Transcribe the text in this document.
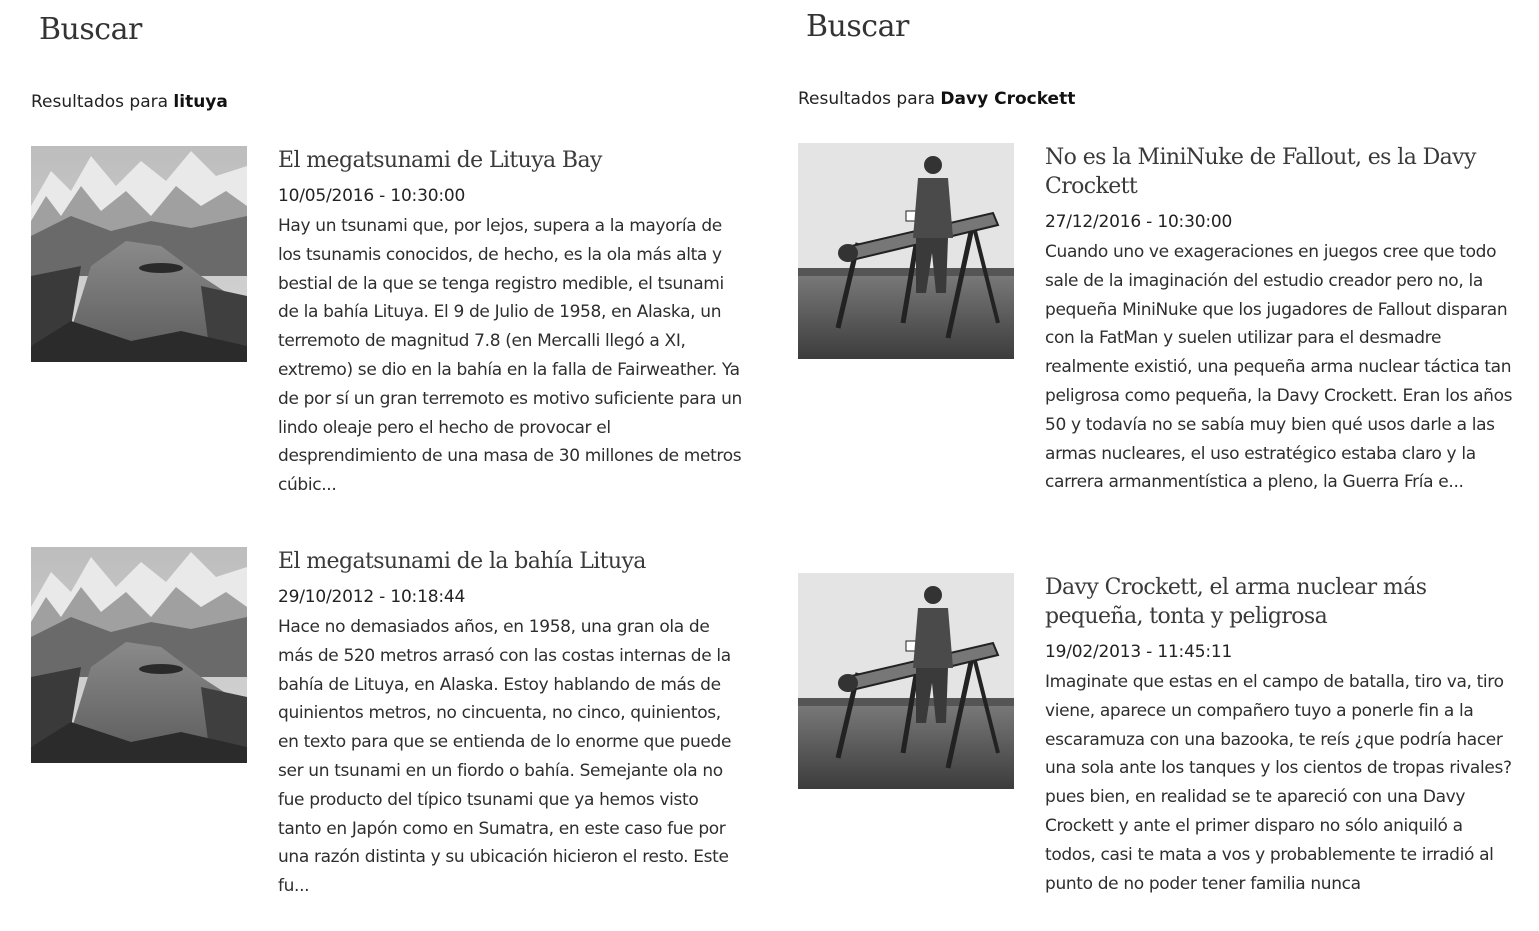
Buscar
Resultados para lituya
El megatsunami de Lituya Bay
10/05/2016 - 10:30:00
Hay un tsunami que, por lejos, supera a la mayoría de los tsunamis conocidos, de hecho, es la ola más alta y bestial de la que se tenga registro medible, el tsunami de la bahía Lituya. El 9 de Julio de 1958, en Alaska, un terremoto de magnitud 7.8 (en Mercalli llegó a XI, extremo) se dio en la bahía en la falla de Fairweather. Ya de por sí un gran terremoto es motivo suficiente para un lindo oleaje pero el hecho de provocar el desprendimiento de una masa de 30 millones de metros cúbic...
El megatsunami de la bahía Lituya
29/10/2012 - 10:18:44
Hace no demasiados años, en 1958, una gran ola de más de 520 metros arrasó con las costas internas de la bahía de Lituya, en Alaska. Estoy hablando de más de quinientos metros, no cincuenta, no cinco, quinientos, en texto para que se entienda de lo enorme que puede ser un tsunami en un fiordo o bahía. Semejante ola no fue producto del típico tsunami que ya hemos visto tanto en Japón como en Sumatra, en este caso fue por una razón distinta y su ubicación hicieron el resto. Este fu...
Buscar
Resultados para Davy Crockett
No es la MiniNuke de Fallout, es la Davy Crockett
27/12/2016 - 10:30:00
Cuando uno ve exageraciones en juegos cree que todo sale de la imaginación del estudio creador pero no, la pequeña MiniNuke que los jugadores de Fallout disparan con la FatMan y suelen utilizar para el desmadre realmente existió, una pequeña arma nuclear táctica tan peligrosa como pequeña, la Davy Crockett. Eran los años 50 y todavía no se sabía muy bien qué usos darle a las armas nucleares, el uso estratégico estaba claro y la carrera armanmentística a pleno, la Guerra Fría e...
Davy Crockett, el arma nuclear más pequeña, tonta y peligrosa
19/02/2013 - 11:45:11
Imaginate que estas en el campo de batalla, tiro va, tiro viene, aparece un compañero tuyo a ponerle fin a la escaramuza con una bazooka, te reís ¿que podría hacer una sola ante los tanques y los cientos de tropas rivales? pues bien, en realidad se te apareció con una Davy Crockett y ante el primer disparo no sólo aniquiló a todos, casi te mata a vos y probablemente te irradió al punto de no poder tener familia nunca
